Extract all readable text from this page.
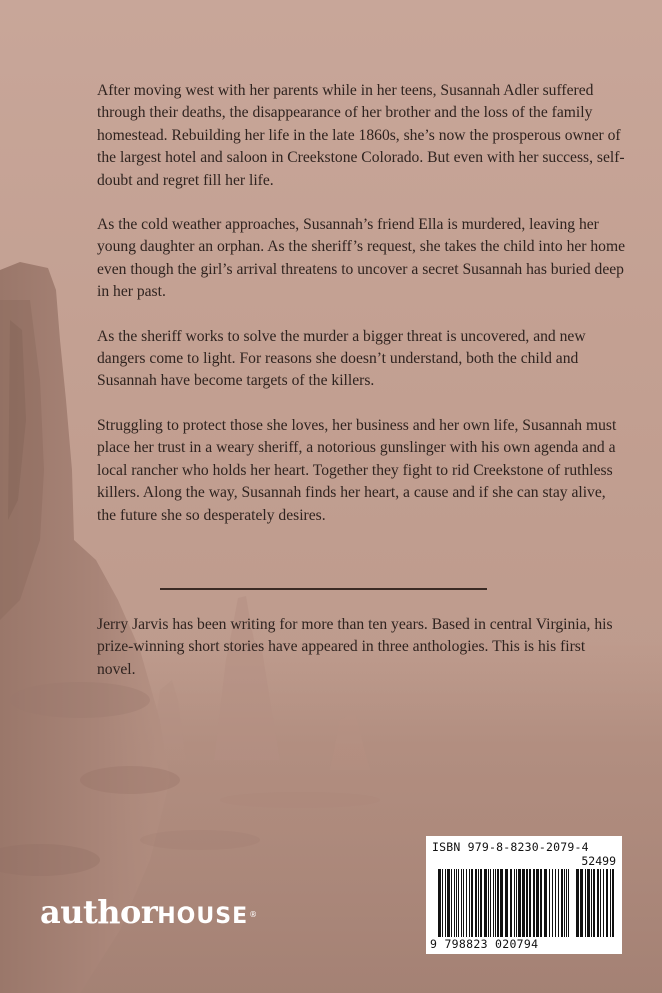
After moving west with her parents while in her teens, Susannah Adler suffered through their deaths, the disappearance of her brother and the loss of the family homestead. Rebuilding her life in the late 1860s, she’s now the prosperous owner of the largest hotel and saloon in Creekstone Colorado. But even with her success, self-doubt and regret fill her life.

As the cold weather approaches, Susannah’s friend Ella is murdered, leaving her young daughter an orphan. As the sheriff’s request, she takes the child into her home even though the girl’s arrival threatens to uncover a secret Susannah has buried deep in her past.

As the sheriff works to solve the murder a bigger threat is uncovered, and new dangers come to light. For reasons she doesn’t understand, both the child and Susannah have become targets of the killers.

Struggling to protect those she loves, her business and her own life, Susannah must place her trust in a weary sheriff, a notorious gunslinger with his own agenda and a local rancher who holds her heart. Together they fight to rid Creekstone of ruthless killers. Along the way, Susannah finds her heart, a cause and if she can stay alive, the future she so desperately desires.

Jerry Jarvis has been writing for more than ten years. Based in central Virginia, his prize-winning short stories have appeared in three anthologies. This is his first novel.

authorHOUSE®
ISBN 979-8-8230-2079-4
52499
9 798823 020794
